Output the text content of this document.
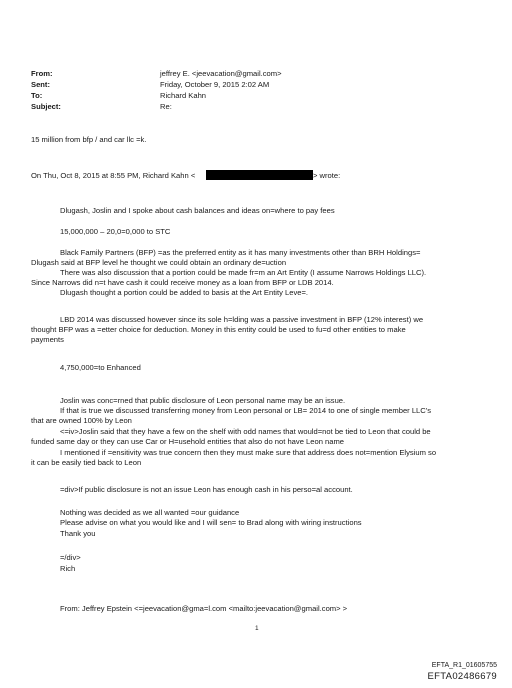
From:	jeffrey E. <jeevacation@gmail.com>
Sent:	Friday, October 9, 2015 2:02 AM
To:	Richard Kahn
Subject:	Re:
15 million from bfp / and car llc =k.
On Thu, Oct 8, 2015 at 8:55 PM, Richard Kahn <	> wrote:
Dlugash, Joslin and I spoke about cash balances and ideas on=where to pay fees
15,000,000 – 20,0=0,000 to STC
Black Family Partners (BFP) =as the preferred entity as it has many investments other than BRH Holdings=
Dlugash said at BFP level he thought we could obtain an ordinary de=uction
There was also discussion that a portion could be made fr=m an Art Entity (I assume Narrows Holdings LLC).
Since Narrows did n=t have cash it could receive money as a loan from BFP or LDB 2014.
Dlugash thought a portion could be added to basis at the Art Entity Leve=.
LBD 2014 was discussed however since its sole h=lding was a passive investment in BFP (12% interest) we
thought BFP was a =etter choice for deduction. Money in this entity could be used to fu=d other entities to make
payments
4,750,000=to Enhanced
Joslin was conc=rned that public disclosure of Leon personal name may be an issue.
If that is true we discussed transferring money from Leon personal or LB= 2014 to one of single member LLC's
that are owned 100% by Leon
<=iv>Joslin said that they have a few on the shelf with odd names that would=not be tied to Leon that could be
funded same day or they can use Car or H=usehold entities that also do not have Leon name
I mentioned if =ensitivity was true concern then they must make sure that address does not=mention Elysium so
it can be easily tied back to Leon
=div>If public disclosure is not an issue Leon has enough cash in his perso=al account.
Nothing was decided as we all wanted =our guidance
Please advise on what you would like and I will sen= to Brad along with wiring instructions
Thank you
=/div>
Rich
From: Jeffrey Epstein <=jeevacation@gma=l.com <mailto:jeevacation@gmail.com> >
1
EFTA_R1_01605755
EFTA02486679
